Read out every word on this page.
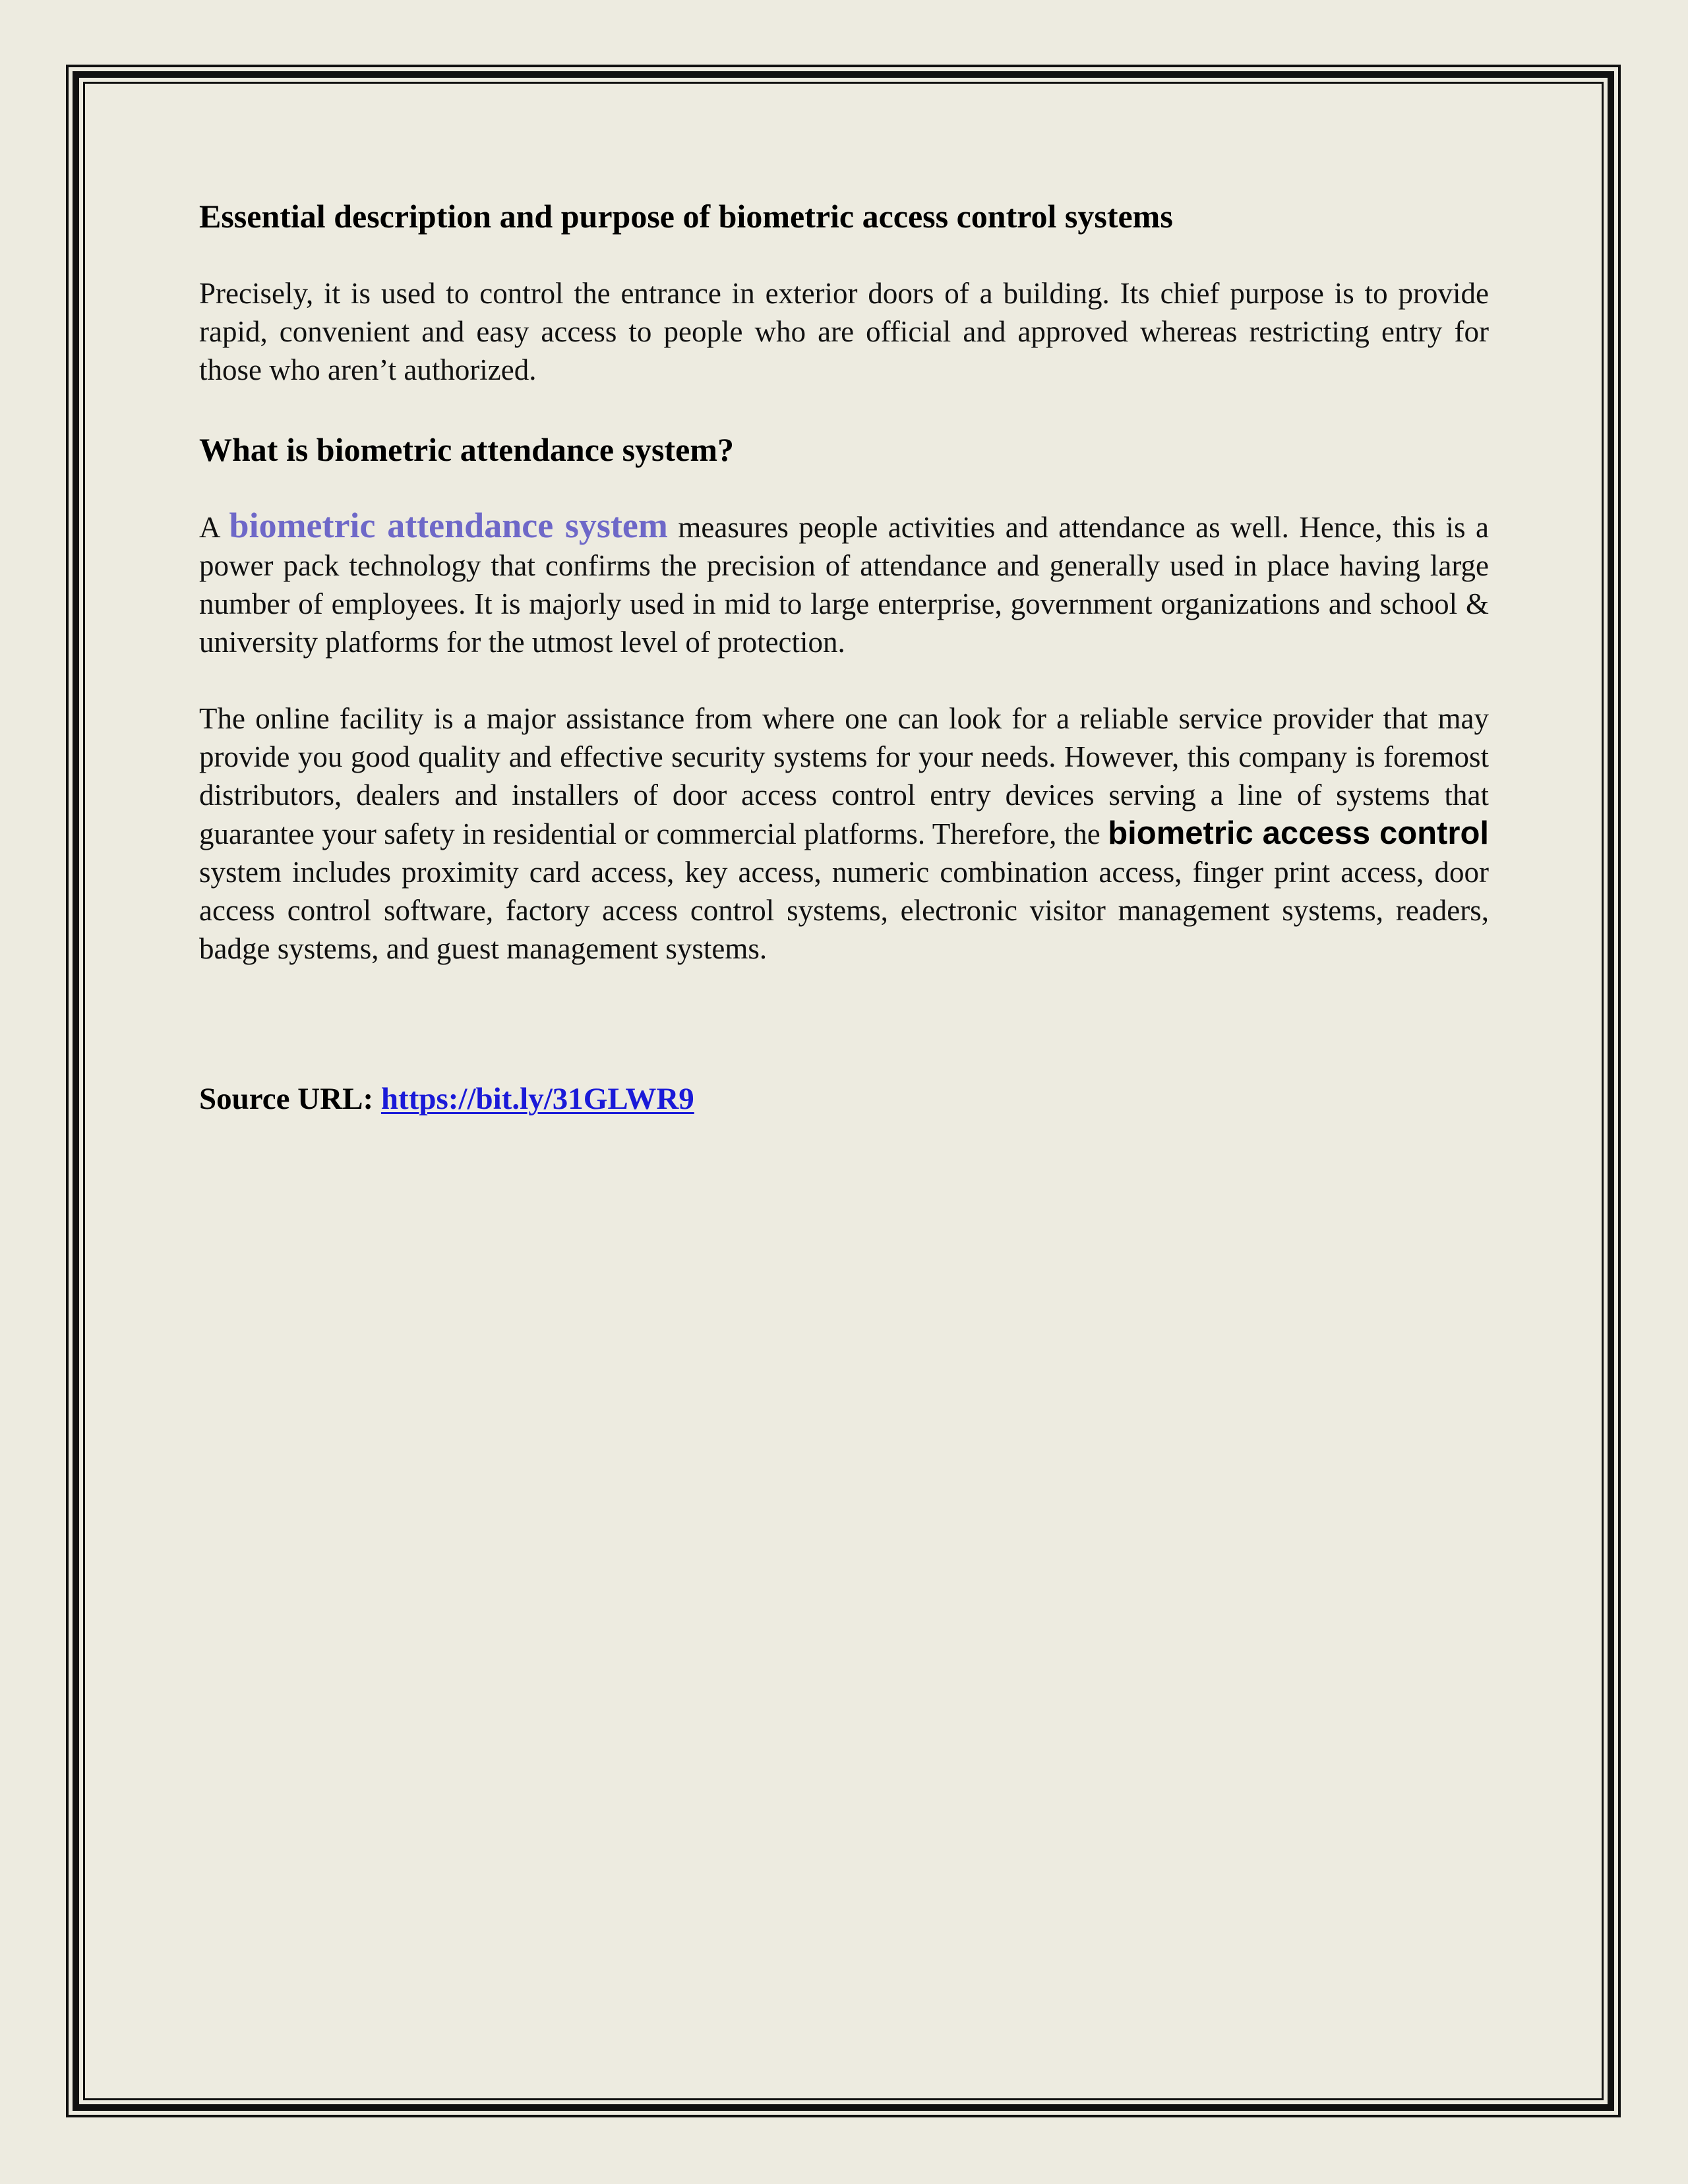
Essential description and purpose of biometric access control systems

Precisely, it is used to control the entrance in exterior doors of a building. Its chief purpose is to provide rapid, convenient and easy access to people who are official and approved whereas restricting entry for those who aren’t authorized.

What is biometric attendance system?

A biometric attendance system measures people activities and attendance as well. Hence, this is a power pack technology that confirms the precision of attendance and generally used in place having large number of employees. It is majorly used in mid to large enterprise, government organizations and school & university platforms for the utmost level of protection.

The online facility is a major assistance from where one can look for a reliable service provider that may provide you good quality and effective security systems for your needs. However, this company is foremost distributors, dealers and installers of door access control entry devices serving a line of systems that guarantee your safety in residential or commercial platforms. Therefore, the biometric access control system includes proximity card access, key access, numeric combination access, finger print access, door access control software, factory access control systems, electronic visitor management systems, readers, badge systems, and guest management systems.

Source URL: https://bit.ly/31GLWR9
